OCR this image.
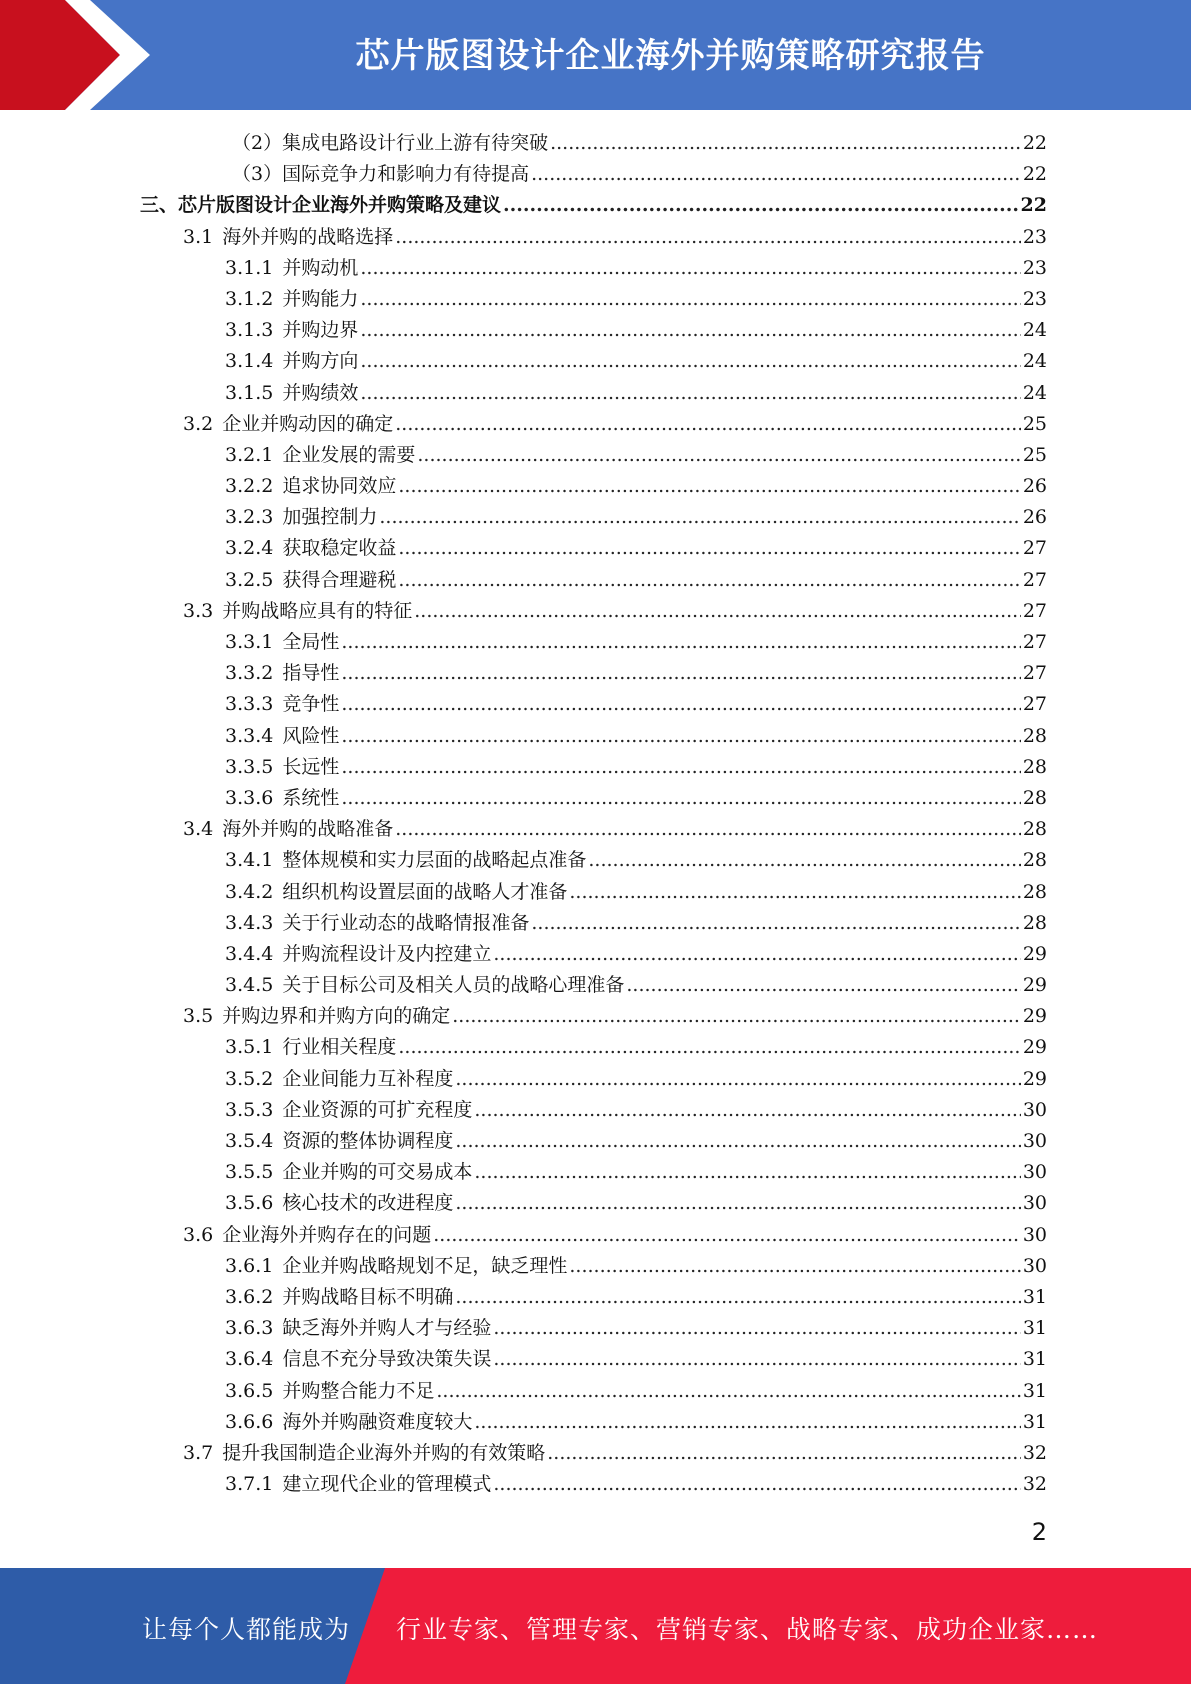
芯片版图设计企业海外并购策略研究报告
（2）集成电路设计行业上游有待突破 .....	22
（3）国际竞争力和影响力有待提高 .....	22
三、芯片版图设计企业海外并购策略及建议 .....	22
3.1 海外并购的战略选择 .....	23
3.1.1 并购动机 .....	23
3.1.2 并购能力 .....	23
3.1.3 并购边界 .....	24
3.1.4 并购方向 .....	24
3.1.5 并购绩效 .....	24
3.2 企业并购动因的确定 .....	25
3.2.1 企业发展的需要 .....	25
3.2.2 追求协同效应 .....	26
3.2.3 加强控制力 .....	26
3.2.4 获取稳定收益 .....	27
3.2.5 获得合理避税 .....	27
3.3 并购战略应具有的特征 .....	27
3.3.1 全局性 .....	27
3.3.2 指导性 .....	27
3.3.3 竞争性 .....	27
3.3.4 风险性 .....	28
3.3.5 长远性 .....	28
3.3.6 系统性 .....	28
3.4 海外并购的战略准备 .....	28
3.4.1 整体规模和实力层面的战略起点准备 .....	28
3.4.2 组织机构设置层面的战略人才准备 .....	28
3.4.3 关于行业动态的战略情报准备 .....	28
3.4.4 并购流程设计及内控建立 .....	29
3.4.5 关于目标公司及相关人员的战略心理准备 .....	29
3.5 并购边界和并购方向的确定 .....	29
3.5.1 行业相关程度 .....	29
3.5.2 企业间能力互补程度 .....	29
3.5.3 企业资源的可扩充程度 .....	30
3.5.4 资源的整体协调程度 .....	30
3.5.5 企业并购的可交易成本 .....	30
3.5.6 核心技术的改进程度 .....	30
3.6 企业海外并购存在的问题 .....	30
3.6.1 企业并购战略规划不足，缺乏理性 .....	30
3.6.2 并购战略目标不明确 .....	31
3.6.3 缺乏海外并购人才与经验 .....	31
3.6.4 信息不充分导致决策失误 .....	31
3.6.5 并购整合能力不足 .....	31
3.6.6 海外并购融资难度较大 .....	31
3.7 提升我国制造企业海外并购的有效策略 .....	32
3.7.1 建立现代企业的管理模式 .....	32
2
让每个人都能成为 行业专家、管理专家、营销专家、战略专家、成功企业家……
